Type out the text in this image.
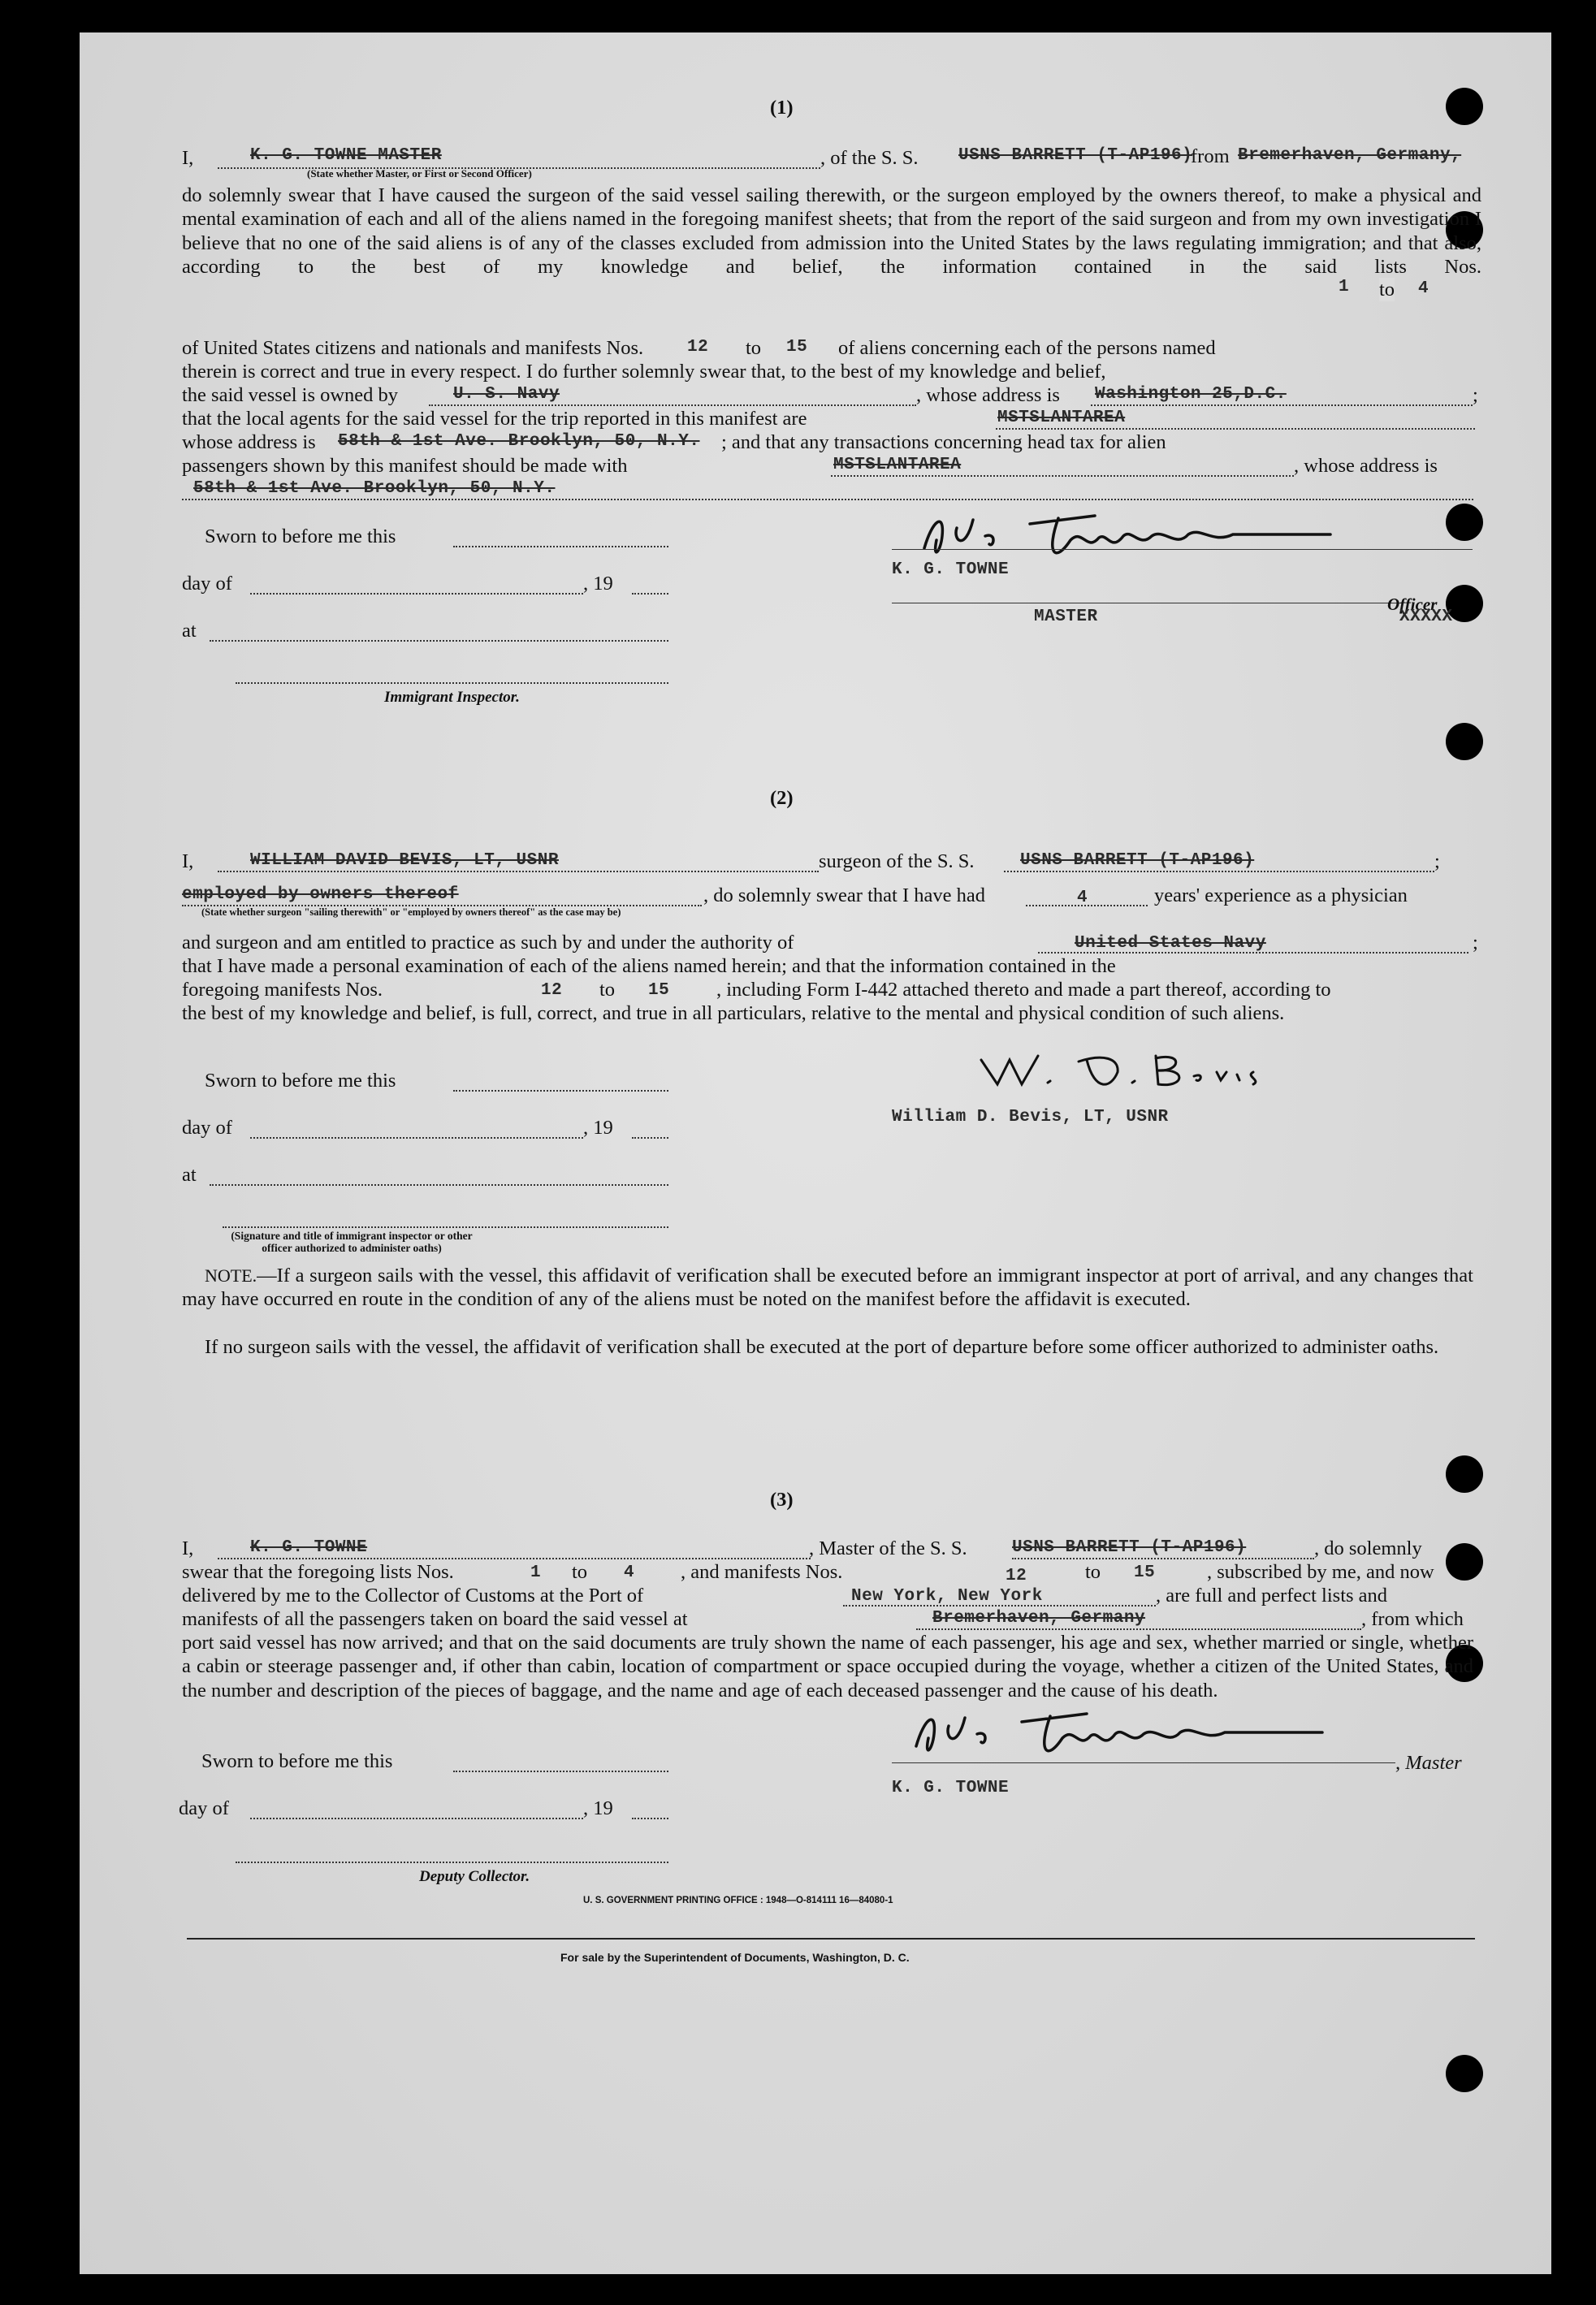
(1)
I,	K. G. TOWNE MASTER
(State whether Master, or First or Second Officer)
, of the S. S. USNS BARRETT (T-AP196)
from Bremerhaven, Germany,
do solemnly swear that I have caused the surgeon of the said vessel sailing therewith, or the surgeon employed by the owners thereof, to make a physical and mental examination of each and all of the aliens named in the foregoing manifest sheets; that from the report of the said surgeon and from my own investigation I believe that no one of the said aliens is of any of the classes excluded from admission into the United States by the laws regulating immigration; and that also, according to the best of my knowledge and belief, the information contained in the said lists Nos.
1 to 4
of United States citizens and nationals and manifests Nos.	12 to 15 of aliens concerning each of the persons named
therein is correct and true in every respect. I do further solemnly swear that, to the best of my knowledge and belief,
the said vessel is owned by	U. S. Navy	, whose address is Washington 25,D.C.	;
that the local agents for the said vessel for the trip reported in this manifest are	MSTSLANTAREA
whose address is 58th & 1st Ave. Brooklyn, 50, N.Y. ; and that any transactions concerning head tax for alien
passengers shown by this manifest should be made with	MSTSLANTAREA	, whose address is
58th & 1st Ave. Brooklyn, 50, N.Y.
Sworn to before me this
day of	, 19
at
Immigrant Inspector.
K. G. TOWNE
MASTER
Officer
XXXXX
(2)
I,	WILLIAM DAVID BEVIS, LT, USNR	surgeon of the S. S.	USNS BARRETT (T-AP196)	;
employed by owners thereof
(State whether surgeon "sailing therewith" or "employed by owners thereof" as the case may be)
, do solemnly swear that I have had	4	years' experience as a physician
and surgeon and am entitled to practice as such by and under the authority of	United States Navy	;
that I have made a personal examination of each of the aliens named herein; and that the information contained in the
foregoing manifests Nos.	12 to 15 , including Form I-442 attached thereto and made a part thereof, according to
the best of my knowledge and belief, is full, correct, and true in all particulars, relative to the mental and physical condition of such aliens.
William D. Bevis, LT, USNR
Sworn to before me this
day of	, 19
at
(Signature and title of immigrant inspector or other officer authorized to administer oaths)
NOTE.—If a surgeon sails with the vessel, this affidavit of verification shall be executed before an immigrant inspector at port of arrival, and any changes that may have occurred en route in the condition of any of the aliens must be noted on the manifest before the affidavit is executed.
If no surgeon sails with the vessel, the affidavit of verification shall be executed at the port of departure before some officer authorized to administer oaths.
(3)
I,	K. G. TOWNE	, Master of the S. S.	USNS BARRETT (T-AP196)	, do solemnly
swear that the foregoing lists Nos.	1 to 4 , and manifests Nos.	12	to 15	, subscribed by me, and now
delivered by me to the Collector of Customs at the Port of	New York, New York	, are full and perfect lists and
manifests of all the passengers taken on board the said vessel at	Bremerhaven, Germany	, from which
port said vessel has now arrived; and that on the said documents are truly shown the name of each passenger, his age and sex, whether married or single, whether a cabin or steerage passenger and, if other than cabin, location of compartment or space occupied during the voyage, whether a citizen of the United States, and the number and description of the pieces of baggage, and the name and age of each deceased passenger and the cause of his death.
Sworn to before me this
day of	, 19
Deputy Collector.
, Master
K. G. TOWNE
U. S. GOVERNMENT PRINTING OFFICE : 1948—O-814111 16—84080-1
For sale by the Superintendent of Documents, Washington, D. C.
